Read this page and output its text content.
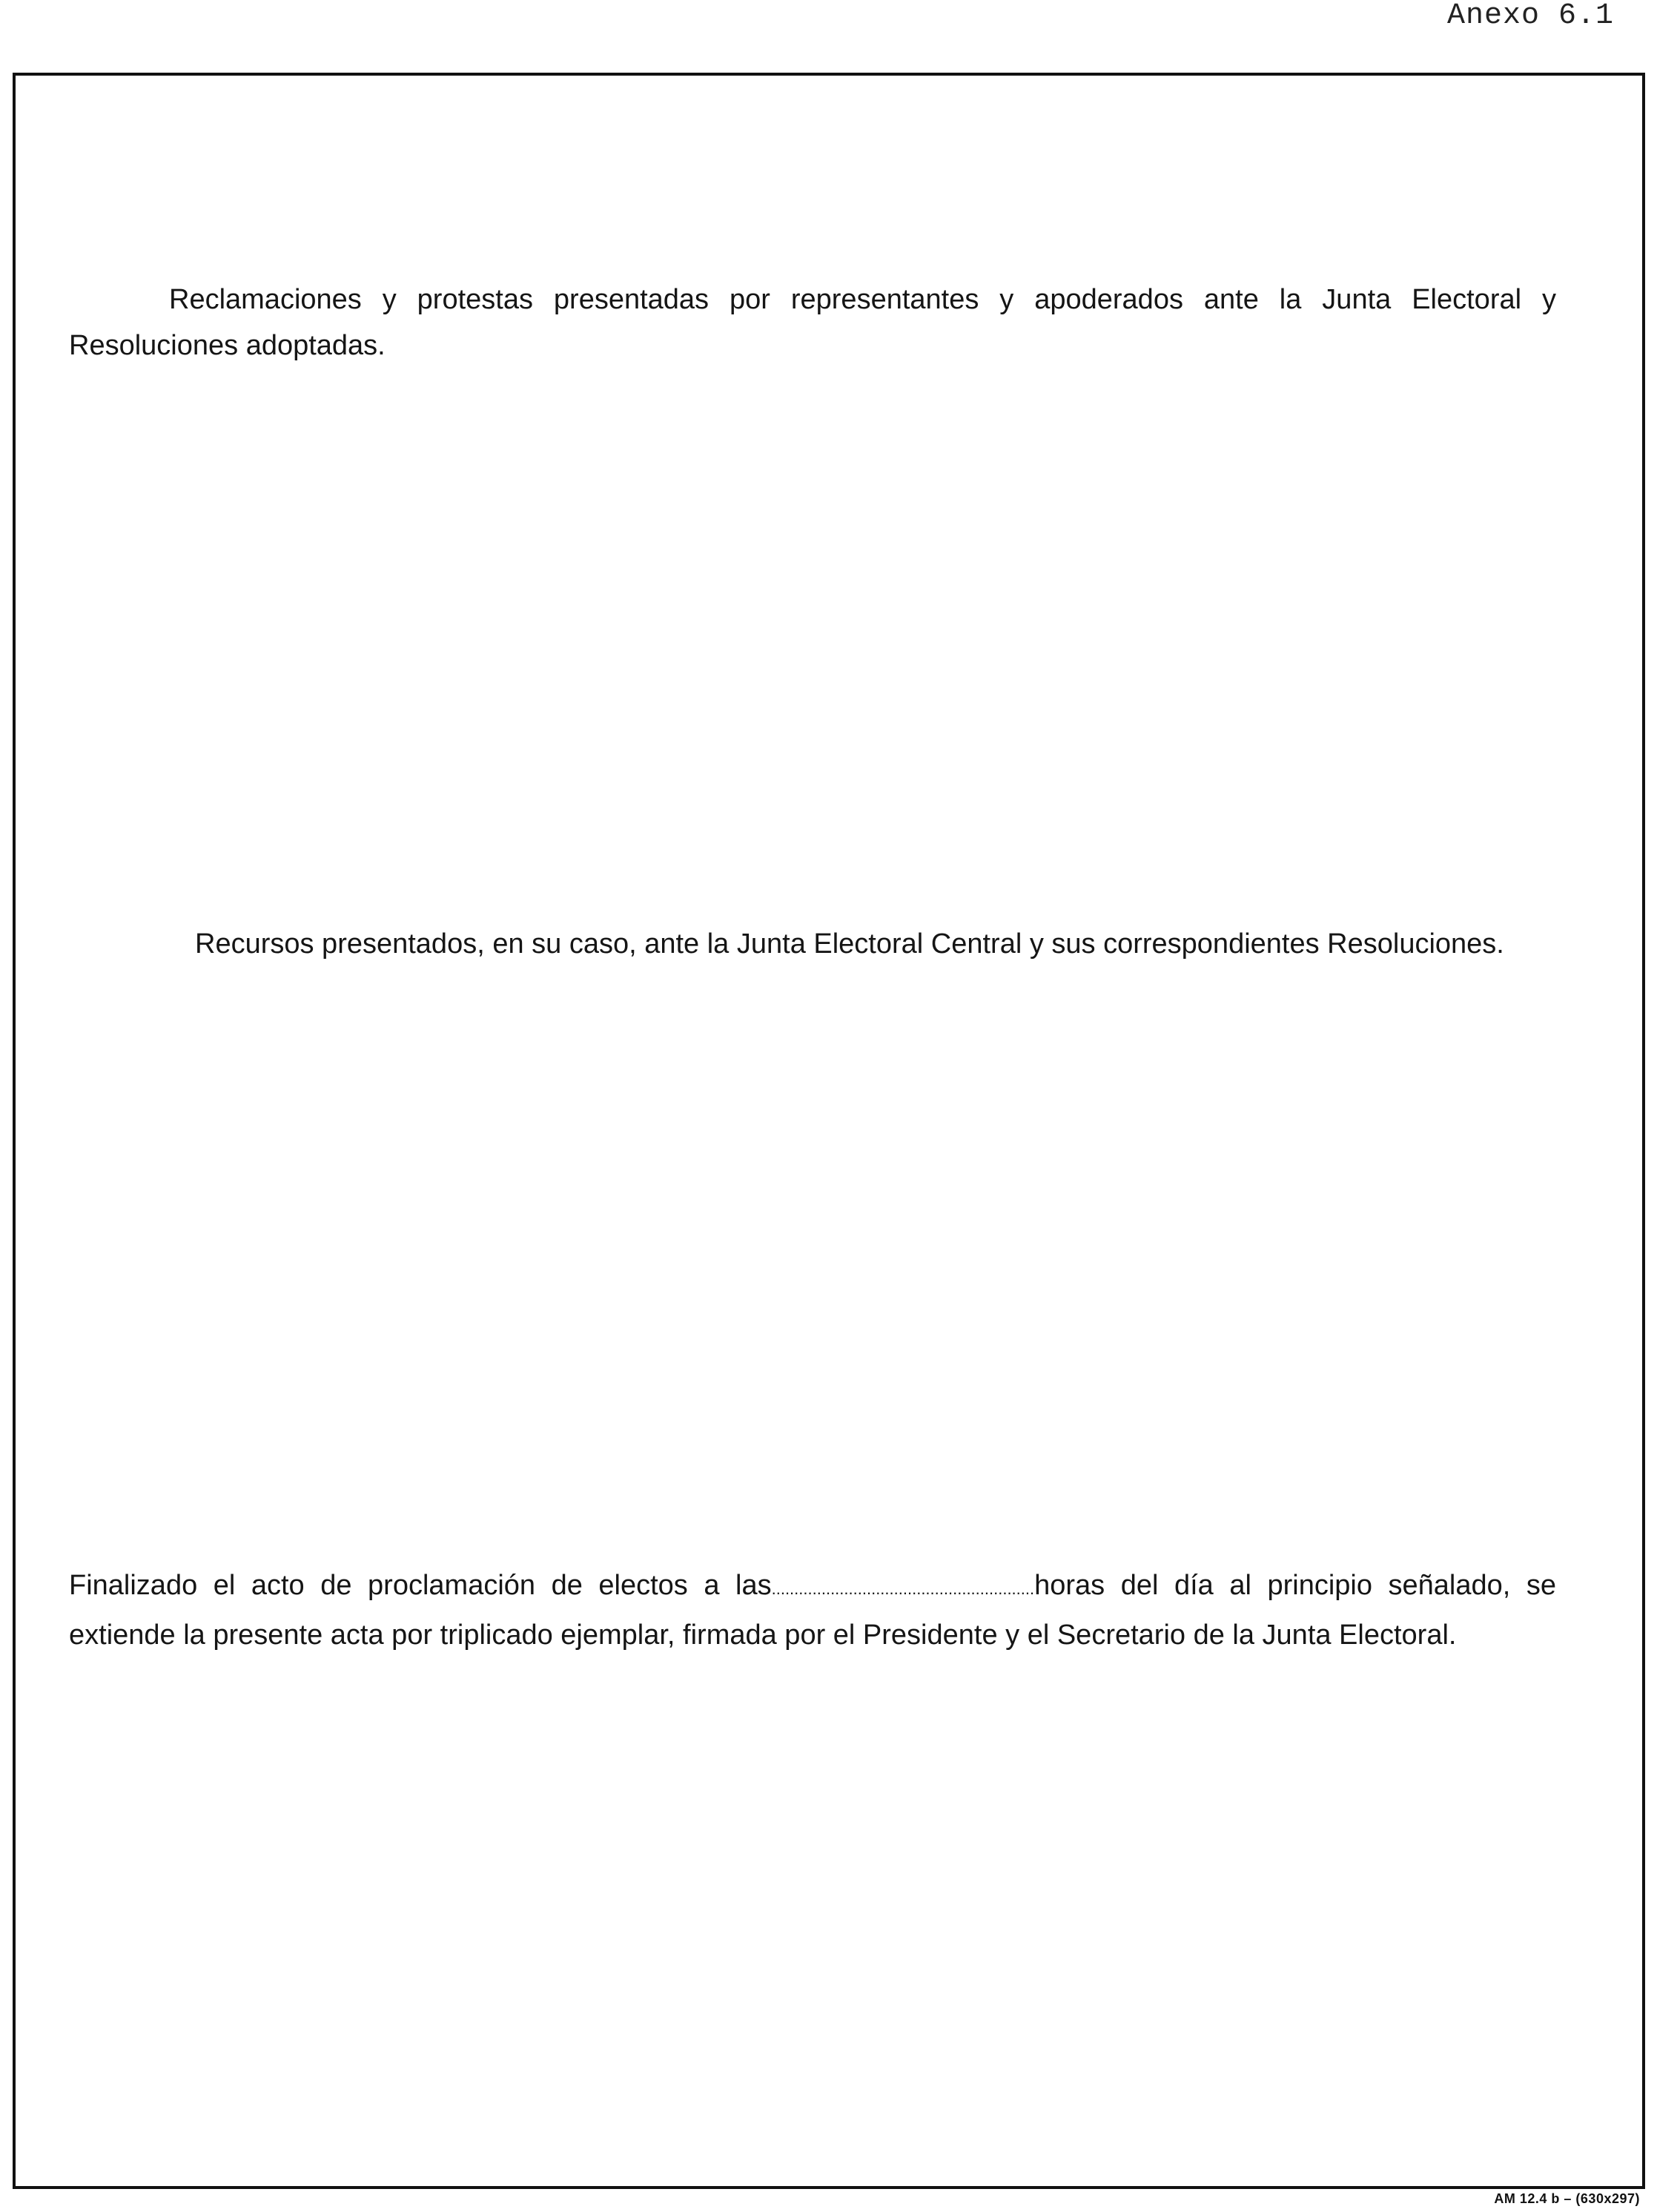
Anexo 6.1

Reclamaciones y protestas presentadas por representantes y apoderados ante la Junta Electoral y Resoluciones adoptadas.

Recursos presentados, en su caso, ante la Junta Electoral Central y sus correspondientes Resoluciones.

Finalizado el acto de proclamación de electos a las..........................................................horas del día al principio señalado, se extiende la presente acta por triplicado ejemplar, firmada por el Presidente y el Secretario de la Junta Electoral.

AM 12.4 b – (630x297)
